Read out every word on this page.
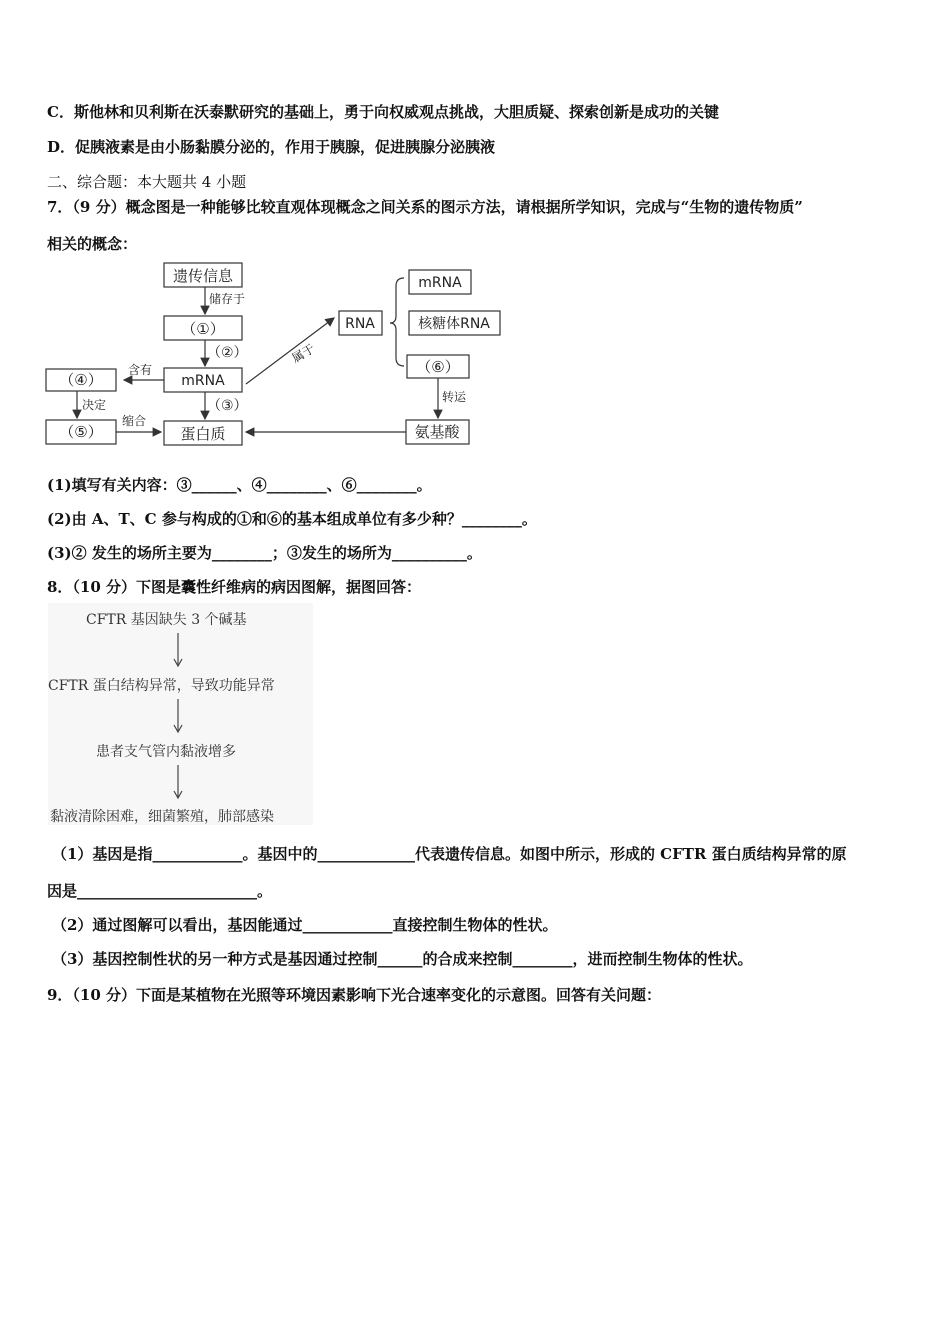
C．斯他林和贝利斯在沃泰默研究的基础上，勇于向权威观点挑战，大胆质疑、探索创新是成功的关键
D．促胰液素是由小肠黏膜分泌的，作用于胰腺，促进胰腺分泌胰液
二、综合题：本大题共 4 小题
7．（9 分）概念图是一种能够比较直观体现概念之间关系的图示方法，请根据所学知识，完成与“生物的遗传物质”
相关的概念：
遗传信息
储存于
（①）
（②）
mRNA
含有
（④）
决定
（⑤）
（③）
缩合
蛋白质
属于
RNA
mRNA
核糖体RNA
（⑥）
转运
氨基酸
(1)填写有关内容：③______、④________、⑥________。
(2)由 A、T、C 参与构成的①和⑥的基本组成单位有多少种？________。
(3)② 发生的场所主要为________；③发生的场所为__________。
8．（10 分）下图是囊性纤维病的病因图解，据图回答：
CFTR 基因缺失 3 个碱基
CFTR 蛋白结构异常，导致功能异常
患者支气管内黏液增多
黏液清除困难，细菌繁殖，肺部感染
（1）基因是指____________。基因中的_____________代表遗传信息。如图中所示，形成的 CFTR 蛋白质结构异常的原
因是________________________。
（2）通过图解可以看出，基因能通过____________直接控制生物体的性状。
（3）基因控制性状的另一种方式是基因通过控制______的合成来控制________，进而控制生物体的性状。
9．（10 分）下面是某植物在光照等环境因素影响下光合速率变化的示意图。回答有关问题：
